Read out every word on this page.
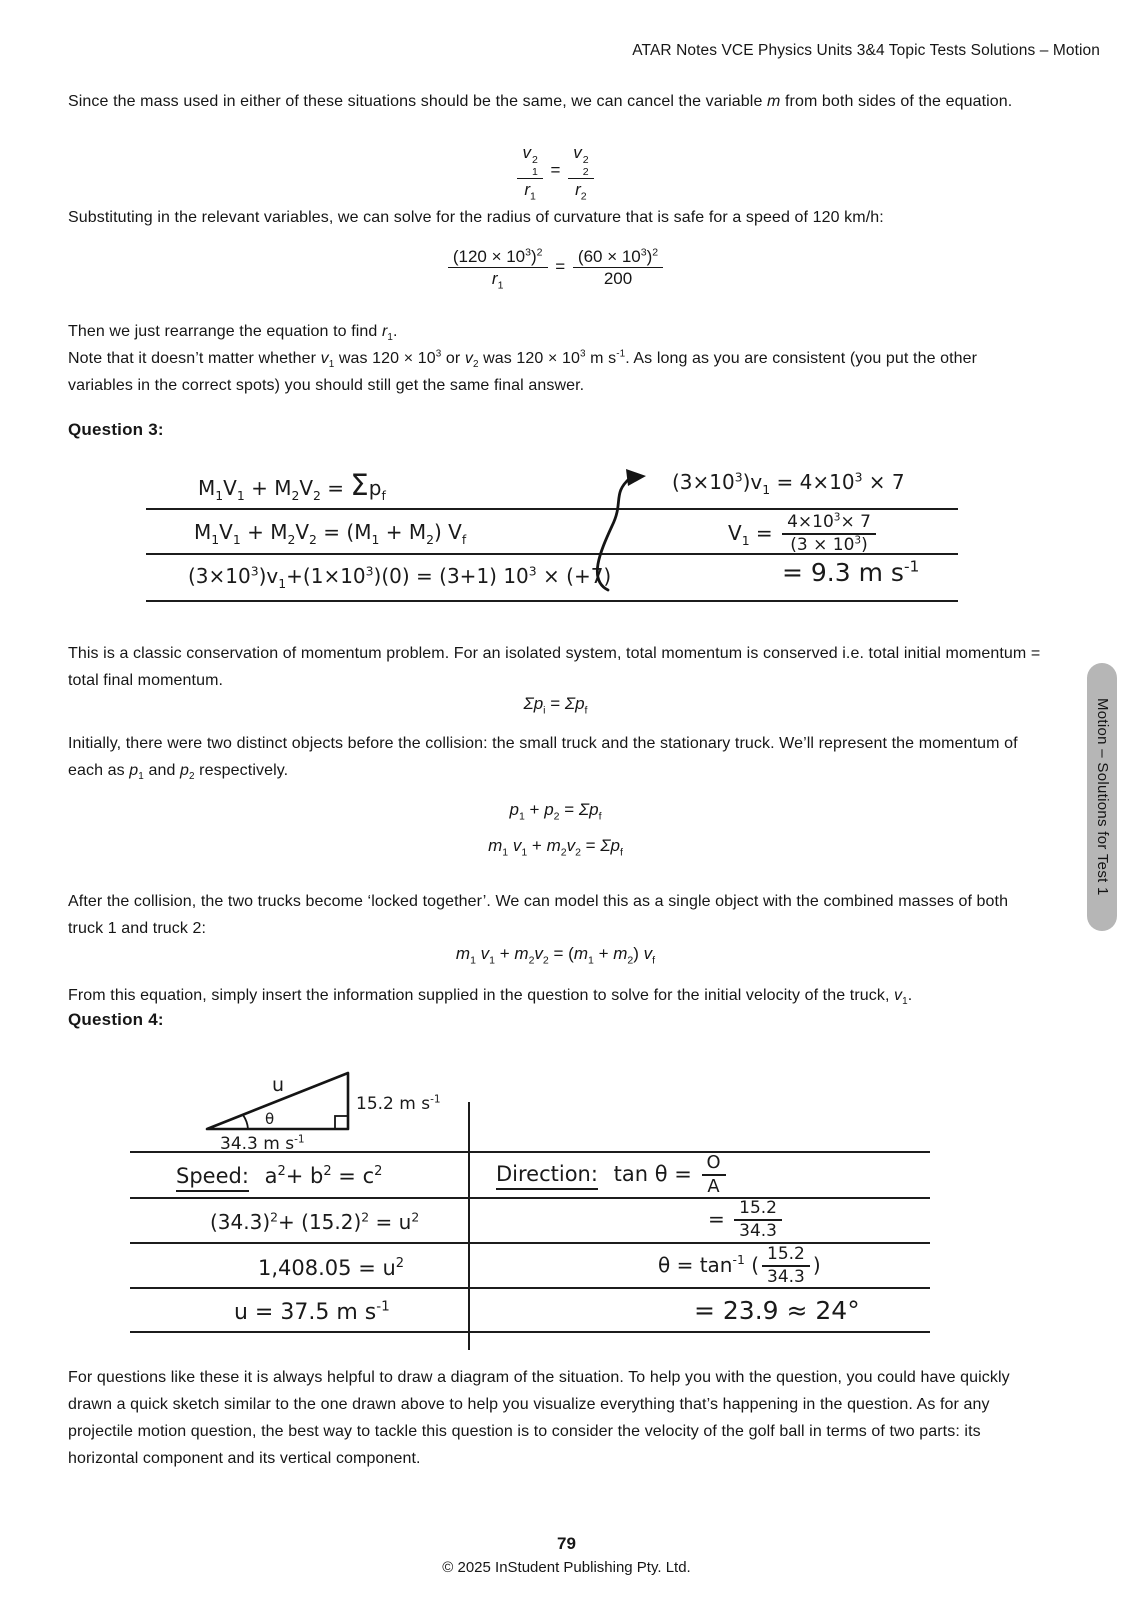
ATAR Notes VCE Physics Units 3&4 Topic Tests Solutions – Motion
Since the mass used in either of these situations should be the same, we can cancel the variable m from both sides of the equation.
v 2
1
$r_1 = v$ 2
2
$r_2$
Substituting in the relevant variables, we can solve for the radius of curvature that is safe for a speed of 120 km/h:
$\frac{(120 \times 10^3)^2}{r_1} = \frac{(60 \times 10^3)^2}{200}$
Then we just rearrange the equation to find $r_1$.
Note that it doesn’t matter whether $v_1$ was $120 \times 10^3$ or $v_2$ was $120 \times 10^3$ m $s^{-1}$. As long as you are consistent (you put the other variables in the correct spots) you should still get the same final answer.
Question 3:
$M_1V_1 + M_2V_2 = \Sigma p_f$
$(3\times 10^3)v_1 = 4\times 10^3 \times 7$
$M_1V_1 + M_2V_2 = (M_1 + M_2)$ $V_f$	$V_1 = \frac{4\times 10^3\times 7}{(3 \times 10^3)}$
$(3\times 10^3)v_1+(1\times 10^3)(0) = (3+1) 10^3 \times (+7)$	= 9.3 m $s^{-1}$
This is a classic conservation of momentum problem. For an isolated system, total momentum is conserved i.e. total initial momentum = total final momentum.
$\Sigma p_i = \Sigma p_f$
Initially, there were two distinct objects before the collision: the small truck and the stationary truck. We’ll represent the momentum of each as $p_1$ and $p_2$ respectively.
$p_1 + p_2 = \Sigma p_f$
$m_1$ $v_1 + m_2v_2 = \Sigma p_f$
After the collision, the two trucks become ‘locked together’. We can model this as a single object with the combined masses of both truck 1 and truck 2:
$m_1$ $v_1 + m_2v_2 = (m_1 + m_2)$ $v_f$
From this equation, simply insert the information supplied in the question to solve for the initial velocity of the truck, $v_1$.
Question 4:
u
15.2 m $s^{-1}$
θ
34.3 m $s^{-1}$
Speed: $a^2+ b^2 = c^2$
$(34.3)^2+ (15.2)^2 = u^2$
$1,408.05 = u^2$
u = 37.5 m $s^{-1}$
Direction: $\tan \theta = \frac{O}{A}$
= $\frac{15.2}{34.3}$
$\theta = \tan^{-1}$ ( $\frac{15.2}{34.3}$ )
= 23.9 ≈ 24°
For questions like these it is always helpful to draw a diagram of the situation. To help you with the question, you could have quickly drawn a quick sketch similar to the one drawn above to help you visualize everything that’s happening in the question. As for any projectile motion question, the best way to tackle this question is to consider the velocity of the golf ball in terms of two parts: its horizontal component and its vertical component.
79
© 2025 InStudent Publishing Pty. Ltd.
Motion – Solutions for Test 1
